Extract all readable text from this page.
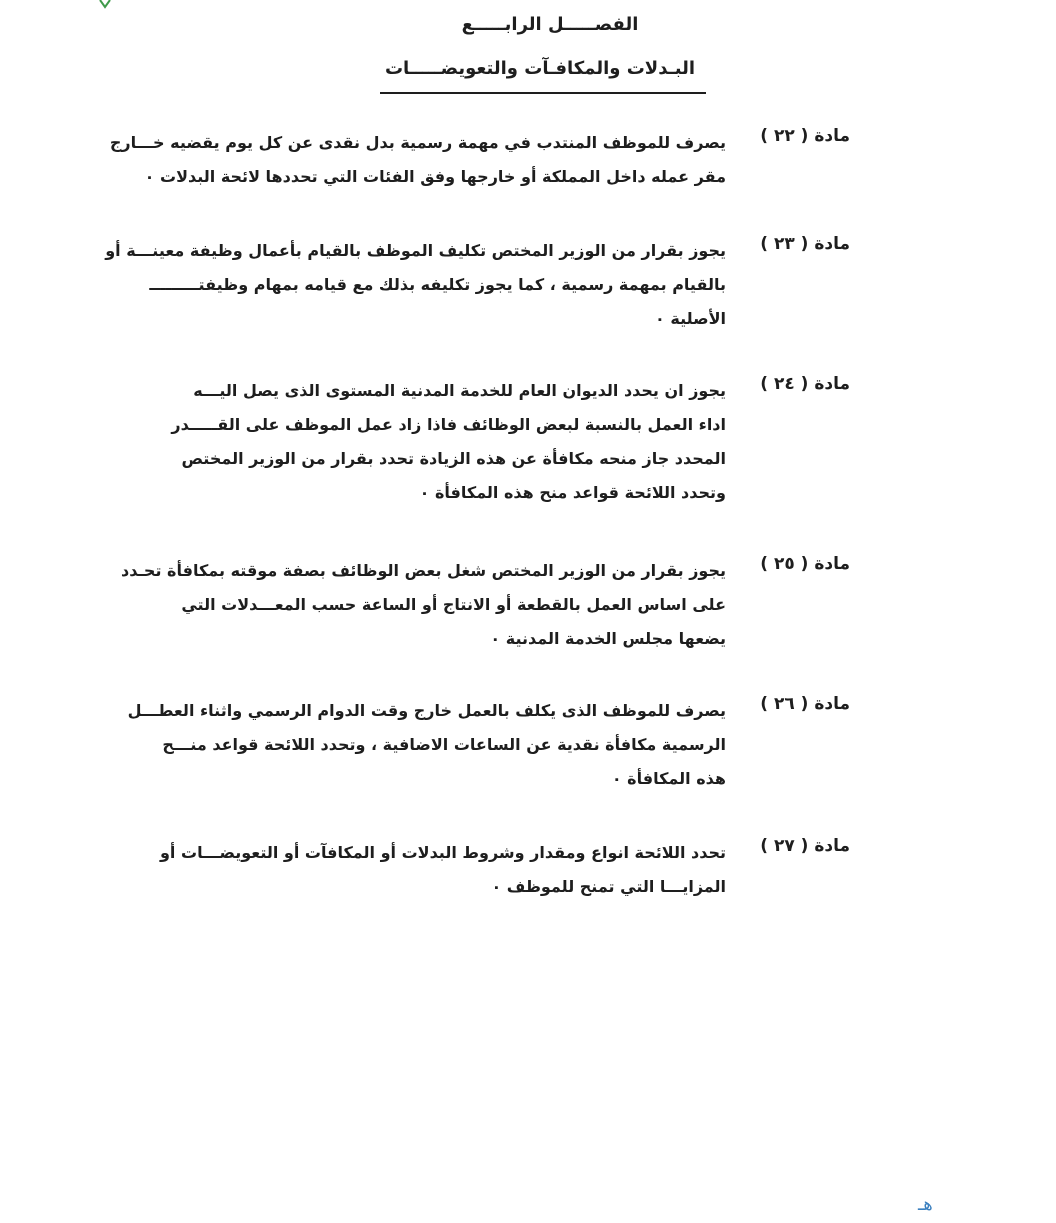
الفصـــــل الرابـــــع
البـدلات والمكافـآت والتعويضـــــات
مادة ( ٢٢ )
يصرف للموظف المنتدب في مهمة رسمية بدل نقدى عن كل يوم يقضيه خـــارج
مقر عمله داخل المملكة أو خارجها وفق الفئات التي تحددها لائحة البدلات ٠
مادة ( ٢٣ )
يجوز بقرار من الوزير المختص تكليف الموظف بالقيام بأعمال وظيفة معينـــة أو
بالقيام بمهمة رسمية ، كما يجوز تكليفه بذلك مع قيامه بمهام وظيفتـــــــــ
الأصلية ٠
مادة ( ٢٤ )
يجوز ان يحدد الديوان العام للخدمة المدنية المستوى الذى يصل اليـــه
اداء العمل بالنسبة لبعض الوظائف فاذا زاد عمل الموظف على القـــــدر
المحدد جاز منحه مكافأة عن هذه الزيادة تحدد بقرار من الوزير المختص
وتحدد اللائحة قواعد منح هذه المكافأة ٠
مادة ( ٢٥ )
يجوز بقرار من الوزير المختص شغل بعض الوظائف بصفة موقته بمكافأة تحـدد
على اساس العمل بالقطعة أو الانتاج أو الساعة حسب المعـــدلات التي
يضعها مجلس الخدمة المدنية ٠
مادة ( ٢٦ )
يصرف للموظف الذى يكلف بالعمل خارج وقت الدوام الرسمي واثناء العطـــل
الرسمية مكافأة نقدية عن الساعات الاضافية ، وتحدد اللائحة قواعد منـــح
هذه المكافأة ٠
مادة ( ٢٧ )
تحدد اللائحة انواع ومقدار وشروط البدلات أو المكافآت أو التعويضـــات أو
المزايـــا التي تمنح للموظف ٠
هـ
